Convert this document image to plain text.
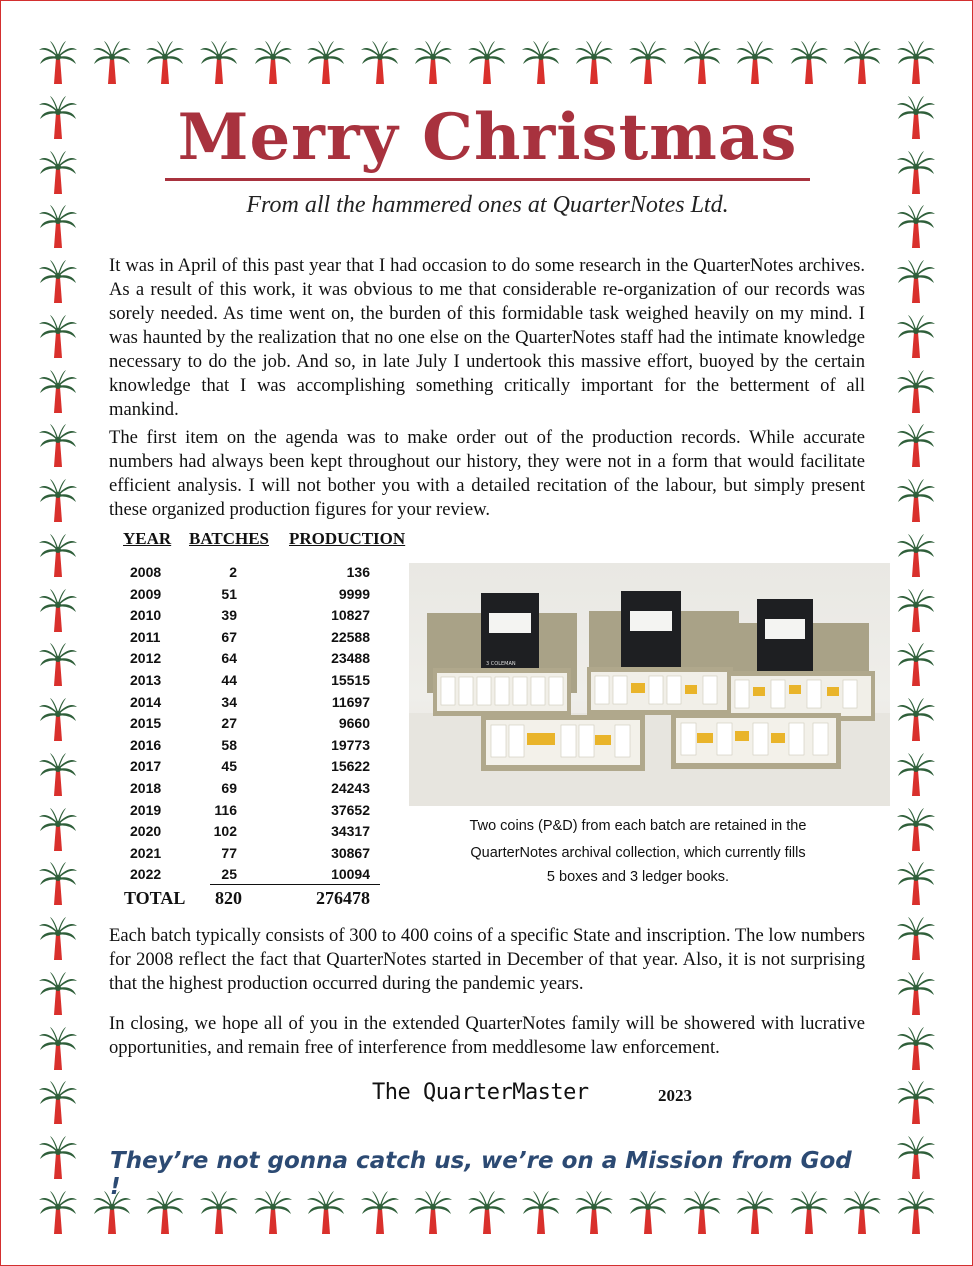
Merry Christmas
From all the hammered ones at QuarterNotes Ltd.

It was in April of this past year that I had occasion to do some research in the QuarterNotes archives. As a result of this work, it was obvious to me that considerable re-organization of our records was sorely needed. As time went on, the burden of this formidable task weighed heavily on my mind. I was haunted by the realization that no one else on the QuarterNotes staff had the intimate knowledge necessary to do the job. And so, in late July I undertook this massive effort, buoyed by the certain knowledge that I was accomplishing something critically important for the betterment of all mankind.

The first item on the agenda was to make order out of the production records. While accurate numbers had always been kept throughout our history, they were not in a form that would facilitate efficient analysis. I will not bother you with a detailed recitation of the labour, but simply present these organized production figures for your review.

YEAR BATCHES PRODUCTION
2008	2	136
2009	51	9999
2010	39	10827
2011	67	22588
2012	64	23488
2013	44	15515
2014	34	11697
2015	27	9660
2016	58	19773
2017	45	15622
2018	69	24243
2019	116	37652
2020	102	34317
2021	77	30867
2022	25	10094
TOTAL 820	276478
3 COLEMAN
Two coins (P&D) from each batch are retained in the
QuarterNotes archival collection, which currently fills
5 boxes and 3 ledger books.

Each batch typically consists of 300 to 400 coins of a specific State and inscription. The low numbers for 2008 reflect the fact that QuarterNotes started in December of that year. Also, it is not surprising that the highest production occurred during the pandemic years.

In closing, we hope all of you in the extended QuarterNotes family will be showered with lucrative opportunities, and remain free of interference from meddlesome law enforcement.

The QuarterMaster	2023
They’re not gonna catch us, we’re on a Mission from God !
